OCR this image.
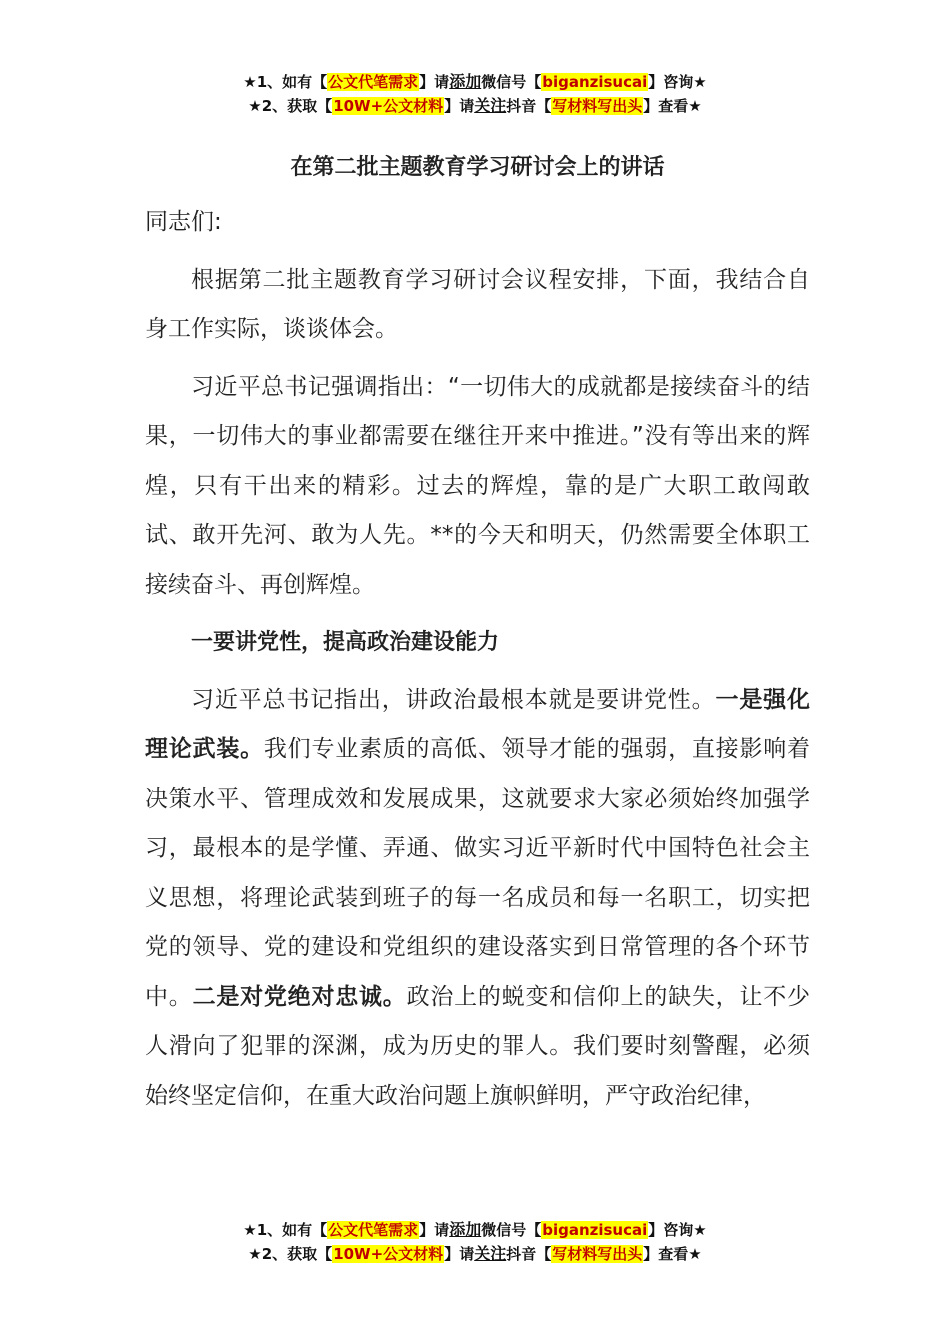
★1、如有【公文代笔需求】请添加微信号【biganzisucai】咨询★
★2、获取【10W+公文材料】请关注抖音【写材料写出头】查看★
在第二批主题教育学习研讨会上的讲话

同志们:

根据第二批主题教育学习研讨会议程安排，下面，我结合自身工作实际，谈谈体会。

习近平总书记强调指出：“一切伟大的成就都是接续奋斗的结果，一切伟大的事业都需要在继往开来中推进。”没有等出来的辉煌，只有干出来的精彩。过去的辉煌，靠的是广大职工敢闯敢试、敢开先河、敢为人先。**的今天和明天，仍然需要全体职工接续奋斗、再创辉煌。

一要讲党性，提高政治建设能力

习近平总书记指出，讲政治最根本就是要讲党性。一是强化理论武装。我们专业素质的高低、领导才能的强弱，直接影响着决策水平、管理成效和发展成果，这就要求大家必须始终加强学习，最根本的是学懂、弄通、做实习近平新时代中国特色社会主义思想，将理论武装到班子的每一名成员和每一名职工，切实把党的领导、党的建设和党组织的建设落实到日常管理的各个环节中。二是对党绝对忠诚。政治上的蜕变和信仰上的缺失，让不少人滑向了犯罪的深渊，成为历史的罪人。我们要时刻警醒，必须始终坚定信仰，在重大政治问题上旗帜鲜明，严守政治纪律，

★1、如有【公文代笔需求】请添加微信号【biganzisucai】咨询★
★2、获取【10W+公文材料】请关注抖音【写材料写出头】查看★
